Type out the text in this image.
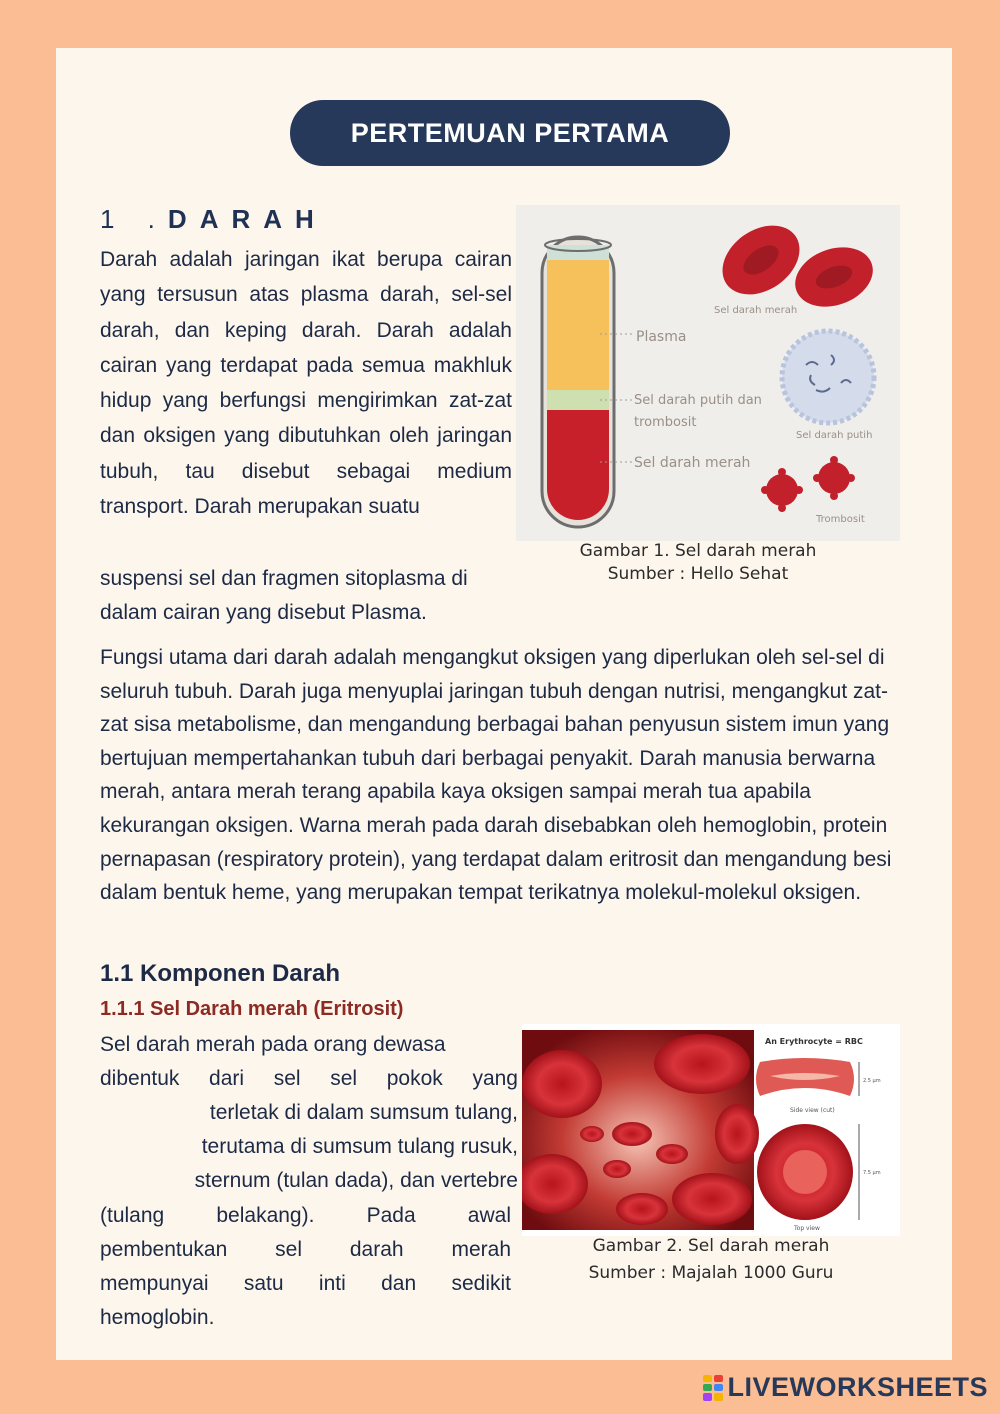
PERTEMUAN PERTAMA
1 .DARAH
Darah adalah jaringan ikat berupa cairan yang tersusun atas plasma darah, sel-sel darah, dan keping darah. Darah adalah cairan yang terdapat pada semua makhluk hidup yang berfungsi mengirimkan zat-zat dan oksigen yang dibutuhkan oleh jaringan tubuh, tau disebut sebagai medium transport. Darah merupakan suatu
suspensi sel dan fragmen sitoplasma di dalam cairan yang disebut Plasma.
Plasma
Sel darah putih dan
trombosit
Sel darah merah
Sel darah merah
Sel darah putih
Trombosit
Gambar 1. Sel darah merah
Sumber : Hello Sehat
Fungsi utama dari darah adalah mengangkut oksigen yang diperlukan oleh sel-sel di seluruh tubuh. Darah juga menyuplai jaringan tubuh dengan nutrisi, mengangkut zat-zat sisa metabolisme, dan mengandung berbagai bahan penyusun sistem imun yang bertujuan mempertahankan tubuh dari berbagai penyakit. Darah manusia berwarna merah, antara merah terang apabila kaya oksigen sampai merah tua apabila kekurangan oksigen. Warna merah pada darah disebabkan oleh hemoglobin, protein pernapasan (respiratory protein), yang terdapat dalam eritrosit dan mengandung besi dalam bentuk heme, yang merupakan tempat terikatnya molekul-molekul oksigen.
1.1 Komponen Darah
1.1.1 Sel Darah merah (Eritrosit)
Sel darah merah pada orang dewasa
dibentuk dari sel sel pokok yang
terletak di dalam sumsum tulang,
terutama di sumsum tulang rusuk,
sternum (tulan dada), dan vertebre
(tulang belakang). Pada awal
pembentukan sel darah merah
mempunyai satu inti dan sedikit
hemoglobin.
An Erythrocyte = RBC
Side view (cut)
2.5 µm
Top view
7.5 µm
Gambar 2. Sel darah merah
Sumber : Majalah 1000 Guru
LIVEWORKSHEETS
